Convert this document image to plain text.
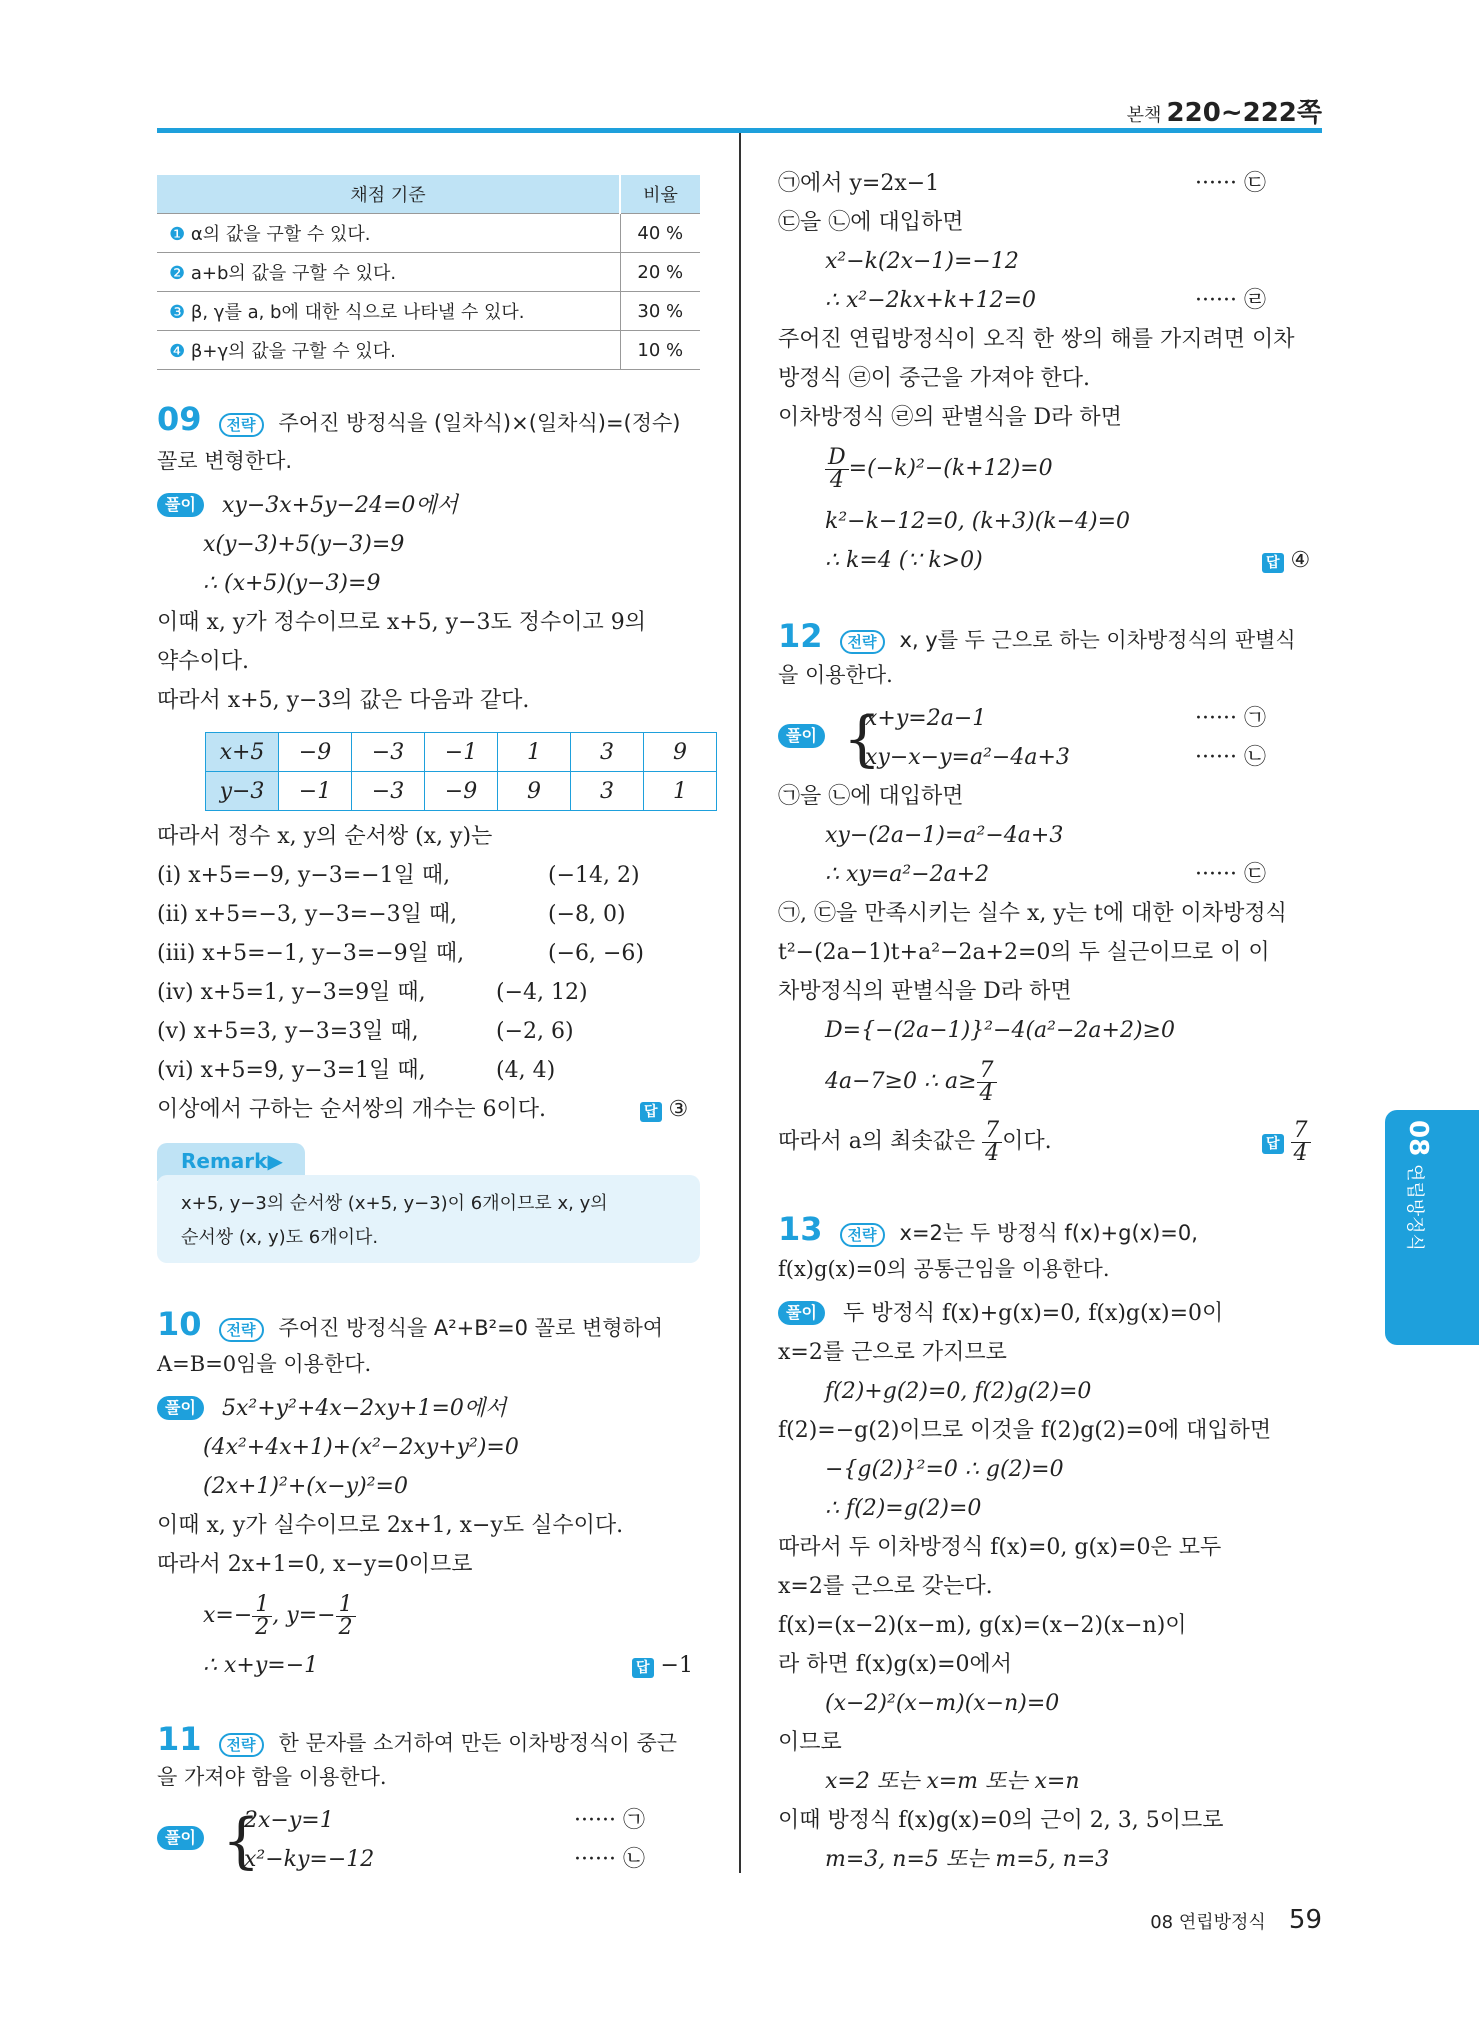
본책 220~222쪽
08
연립방정식
채점 기준	비율
❶ α의 값을 구할 수 있다.	40 %
❷ a+b의 값을 구할 수 있다.	20 %
❸ β, γ를 a, b에 대한 식으로 나타낼 수 있다.	30 %
❹ β+γ의 값을 구할 수 있다.	10 %
09 전략 주어진 방정식을 (일차식)×(일차식)=(정수)
꼴로 변형한다.
풀이	xy−3x+5y−24=0에서
x(y−3)+5(y−3)=9
∴ (x+5)(y−3)=9
이때 x, y가 정수이므로 x+5, y−3도 정수이고 9의
약수이다.
따라서 x+5, y−3의 값은 다음과 같다.
x+5	−9	−3	−1	1	3	9
y−3	−1	−3	−9	9	3	1
따라서 정수 x, y의 순서쌍 (x, y)는
(i) x+5=−9, y−3=−1일 때,	(−14, 2)
(ii) x+5=−3, y−3=−3일 때,	(−8, 0)
(iii) x+5=−1, y−3=−9일 때,	(−6, −6)
(iv) x+5=1, y−3=9일 때,	(−4, 12)
(v) x+5=3, y−3=3일 때,	(−2, 6)
(vi) x+5=9, y−3=1일 때,	(4, 4)
이상에서 구하는 순서쌍의 개수는 6이다.	답 ③
Remark▶
x+5, y−3의 순서쌍 (x+5, y−3)이 6개이므로 x, y의
순서쌍 (x, y)도 6개이다.
10 전략 주어진 방정식을 A²+B²=0 꼴로 변형하여
A=B=0임을 이용한다.
풀이	5x²+y²+4x−2xy+1=0에서
(4x²+4x+1)+(x²−2xy+y²)=0
(2x+1)²+(x−y)²=0
이때 x, y가 실수이므로 2x+1, x−y도 실수이다.
따라서 2x+1=0, x−y=0이므로
$x=- \frac{1}{2}$ , $y=- \frac{1}{2}$
∴ x+y=−1	답 −1
11 전략 한 문자를 소거하여 만든 이차방정식이 중근
을 가져야 함을 이용한다.
풀이 {
2x−y=1
x²−ky=−12
······ ㉠
······ ㉡
㉠에서 y=2x−1	······ ㉢
㉢을 ㉡에 대입하면
x²−k(2x−1)=−12
∴ x²−2kx+k+12=0	······ ㉣
주어진 연립방정식이 오직 한 쌍의 해를 가지려면 이차
방정식 ㉣이 중근을 가져야 한다.
이차방정식 ㉣의 판별식을 D라 하면
$\frac{D}{4} =(-k)^2-(k+12)=0$
k²−k−12=0, (k+3)(k−4)=0
∴ k=4 (∵ k>0)	답 ④
12 전략 x, y를 두 근으로 하는 이차방정식의 판별식
을 이용한다.
풀이 {
x+y=2a−1
xy−x−y=a²−4a+3
······ ㉠
······ ㉡
㉠을 ㉡에 대입하면
xy−(2a−1)=a²−4a+3
∴ xy=a²−2a+2	······ ㉢
㉠, ㉢을 만족시키는 실수 x, y는 t에 대한 이차방정식
t²−(2a−1)t+a²−2a+2=0의 두 실근이므로 이 이
차방정식의 판별식을 D라 하면
D={−(2a−1)}²−4(a²−2a+2)≥0
4a−7≥0 ∴ $a\ge \frac{7}{4}$
따라서 a의 최솟값은 $\frac{7}{4}$ 이다.	답 $\frac{7}{4}$
13 전략 x=2는 두 방정식 f(x)+g(x)=0,
f(x)g(x)=0의 공통근임을 이용한다.
풀이	두 방정식 f(x)+g(x)=0, f(x)g(x)=0이
x=2를 근으로 가지므로
f(2)+g(2)=0, f(2)g(2)=0
f(2)=−g(2)이므로 이것을 f(2)g(2)=0에 대입하면
−{g(2)}²=0 ∴ g(2)=0
∴ f(2)=g(2)=0
따라서 두 이차방정식 f(x)=0, g(x)=0은 모두
x=2를 근으로 갖는다.
f(x)=(x−2)(x−m), g(x)=(x−2)(x−n)이
라 하면 f(x)g(x)=0에서
(x−2)²(x−m)(x−n)=0
이므로
x=2 또는 x=m 또는 x=n
이때 방정식 f(x)g(x)=0의 근이 2, 3, 5이므로
m=3, n=5 또는 m=5, n=3
08 연립방정식 59
